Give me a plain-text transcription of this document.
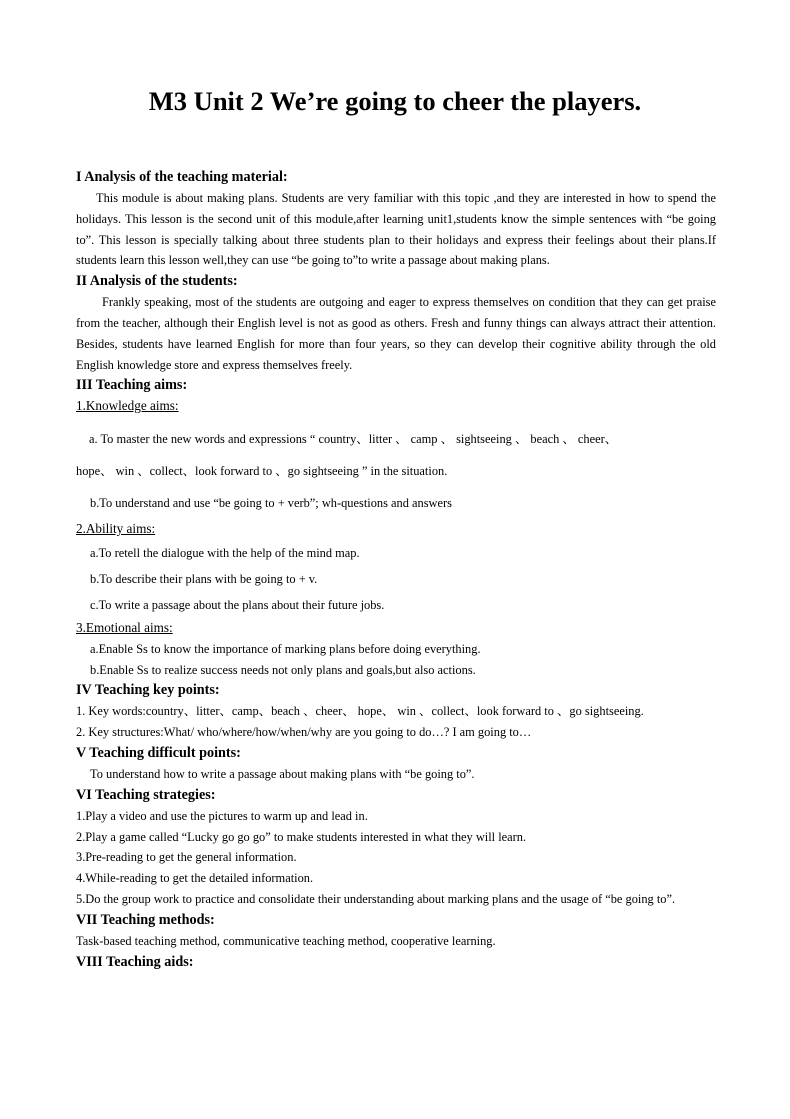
M3 Unit 2 We’re going to cheer the players.

I Analysis of the teaching material:

This module is about making plans. Students are very familiar with this topic ,and they are interested in how to spend the holidays. This lesson is the second unit of this module,after learning unit1,students know the simple sentences with “be going to”. This lesson is specially talking about three students plan to their holidays and express their feelings about their plans.If students learn this lesson well,they can use “be going to”to write a passage about making plans.

II Analysis of the students:

Frankly speaking, most of the students are outgoing and eager to express themselves on condition that they can get praise from the teacher, although their English level is not as good as others. Fresh and funny things can always attract their attention. Besides, students have learned English for more than four years, so they can develop their cognitive ability through the old English knowledge store and express themselves freely.

III Teaching aims:

1.Knowledge aims:

a. To master the new words and expressions “ country、litter 、 camp 、 sightseeing 、 beach 、 cheer、

hope、 win 、collect、look forward to 、go sightseeing ” in the situation.

b.To understand and use “be going to + verb”; wh-questions and answers

2.Ability aims:

a.To retell the dialogue with the help of the mind map.

b.To describe their plans with be going to + v.

c.To write a passage about the plans about their future jobs.

3.Emotional aims:

a.Enable Ss to know the importance of marking plans before doing everything.

b.Enable Ss to realize success needs not only plans and goals,but also actions.

IV Teaching key points:

1. Key words:country、litter、camp、beach 、cheer、 hope、 win 、collect、look forward to 、go sightseeing.

2. Key structures:What/ who/where/how/when/why are you going to do…? I am going to…

V Teaching difficult points:

To understand how to write a passage about making plans with “be going to”.

VI Teaching strategies:

1.Play a video and use the pictures to warm up and lead in.

2.Play a game called “Lucky go go go” to make students interested in what they will learn.

3.Pre-reading to get the general information.

4.While-reading to get the detailed information.

5.Do the group work to practice and consolidate their understanding about marking plans and the usage of “be going to”.

VII Teaching methods:

Task-based teaching method, communicative teaching method, cooperative learning.

VIII Teaching aids:
